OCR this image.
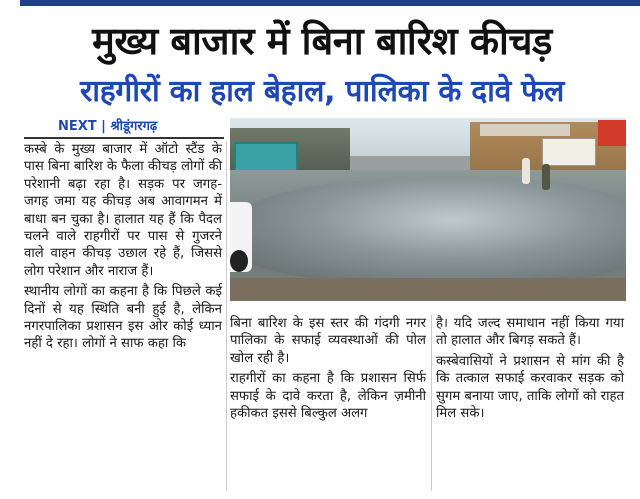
मुख्य बाजार में बिना बारिश कीचड़
राहगीरों का हाल बेहाल, पालिका के दावे फेल
NEXT | श्रीडूंगरगढ़

कस्बे के मुख्य बाजार में ऑटो स्टैंड के पास बिना बारिश के फैला कीचड़ लोगों की परेशानी बढ़ा रहा है। सड़क पर जगह-जगह जमा यह कीचड़ अब आवागमन में बाधा बन चुका है। हालात यह हैं कि पैदल चलने वाले राहगीरों पर पास से गुजरने वाले वाहन कीचड़ उछाल रहे हैं, जिससे लोग परेशान और नाराज हैं।

स्थानीय लोगों का कहना है कि पिछले कई दिनों से यह स्थिति बनी हुई है, लेकिन नगरपालिका प्रशासन इस ओर कोई ध्यान नहीं दे रहा। लोगों ने साफ कहा कि

बिना बारिश के इस स्तर की गंदगी नगर पालिका के सफाई व्यवस्थाओं की पोल खोल रही है।

राहगीरों का कहना है कि प्रशासन सिर्फ सफाई के दावे करता है, लेकिन ज़मीनी हकीकत इससे बिल्कुल अलग

है। यदि जल्द समाधान नहीं किया गया तो हालात और बिगड़ सकते हैं।

कस्बेवासियों ने प्रशासन से मांग की है कि तत्काल सफाई करवाकर सड़क को सुगम बनाया जाए, ताकि लोगों को राहत मिल सके।
